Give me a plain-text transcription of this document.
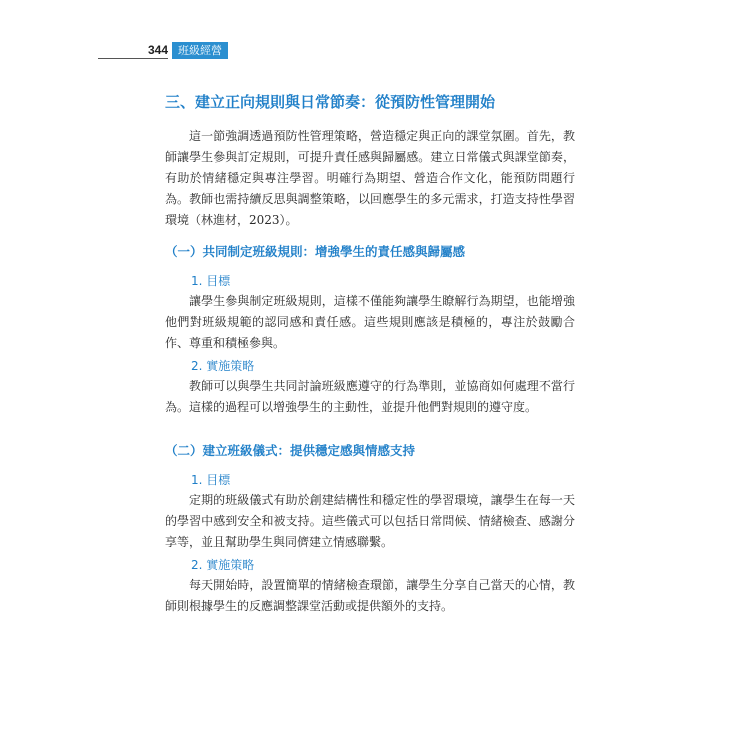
344 班級經營
三、建立正向規則與日常節奏：從預防性管理開始

這一節強調透過預防性管理策略，營造穩定與正向的課堂氛圍。首先，教師讓學生參與訂定規則，可提升責任感與歸屬感。建立日常儀式與課堂節奏，有助於情緒穩定與專注學習。明確行為期望、營造合作文化，能預防問題行為。教師也需持續反思與調整策略，以回應學生的多元需求，打造支持性學習環境（林進材，2023）。

（一）共同制定班級規則：增強學生的責任感與歸屬感
1. 目標

讓學生參與制定班級規則，這樣不僅能夠讓學生瞭解行為期望，也能增強他們對班級規範的認同感和責任感。這些規則應該是積極的，專注於鼓勵合作、尊重和積極參與。

2. 實施策略

教師可以與學生共同討論班級應遵守的行為準則，並協商如何處理不當行為。這樣的過程可以增強學生的主動性，並提升他們對規則的遵守度。

（二）建立班級儀式：提供穩定感與情感支持
1. 目標

定期的班級儀式有助於創建結構性和穩定性的學習環境，讓學生在每一天的學習中感到安全和被支持。這些儀式可以包括日常問候、情緒檢查、感謝分享等，並且幫助學生與同儕建立情感聯繫。

2. 實施策略

每天開始時，設置簡單的情緒檢查環節，讓學生分享自己當天的心情，教師則根據學生的反應調整課堂活動或提供額外的支持。
